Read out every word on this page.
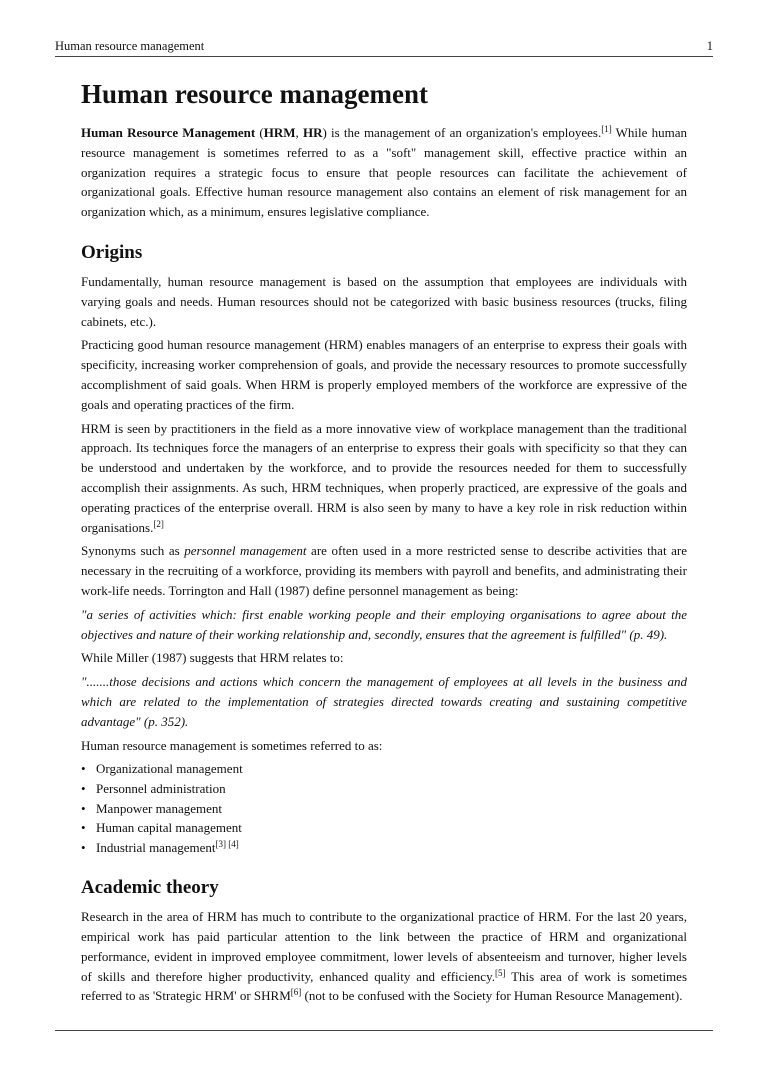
Human resource management	1
Human resource management

Human Resource Management (HRM, HR) is the management of an organization's employees.[1] While human resource management is sometimes referred to as a "soft" management skill, effective practice within an organization requires a strategic focus to ensure that people resources can facilitate the achievement of organizational goals. Effective human resource management also contains an element of risk management for an organization which, as a minimum, ensures legislative compliance.

Origins

Fundamentally, human resource management is based on the assumption that employees are individuals with varying goals and needs. Human resources should not be categorized with basic business resources (trucks, filing cabinets, etc.).

Practicing good human resource management (HRM) enables managers of an enterprise to express their goals with specificity, increasing worker comprehension of goals, and provide the necessary resources to promote successfully accomplishment of said goals. When HRM is properly employed members of the workforce are expressive of the goals and operating practices of the firm.

HRM is seen by practitioners in the field as a more innovative view of workplace management than the traditional approach. Its techniques force the managers of an enterprise to express their goals with specificity so that they can be understood and undertaken by the workforce, and to provide the resources needed for them to successfully accomplish their assignments. As such, HRM techniques, when properly practiced, are expressive of the goals and operating practices of the enterprise overall. HRM is also seen by many to have a key role in risk reduction within organisations.[2]

Synonyms such as personnel management are often used in a more restricted sense to describe activities that are necessary in the recruiting of a workforce, providing its members with payroll and benefits, and administrating their work-life needs. Torrington and Hall (1987) define personnel management as being:

"a series of activities which: first enable working people and their employing organisations to agree about the objectives and nature of their working relationship and, secondly, ensures that the agreement is fulfilled" (p. 49).

While Miller (1987) suggests that HRM relates to:

".......those decisions and actions which concern the management of employees at all levels in the business and which are related to the implementation of strategies directed towards creating and sustaining competitive advantage" (p. 352).

Human resource management is sometimes referred to as:

• Organizational management
• Personnel administration
• Manpower management
• Human capital management
• Industrial management[3] [4]
Academic theory

Research in the area of HRM has much to contribute to the organizational practice of HRM. For the last 20 years, empirical work has paid particular attention to the link between the practice of HRM and organizational performance, evident in improved employee commitment, lower levels of absenteeism and turnover, higher levels of skills and therefore higher productivity, enhanced quality and efficiency.[5] This area of work is sometimes referred to as 'Strategic HRM' or SHRM[6] (not to be confused with the Society for Human Resource Management).
